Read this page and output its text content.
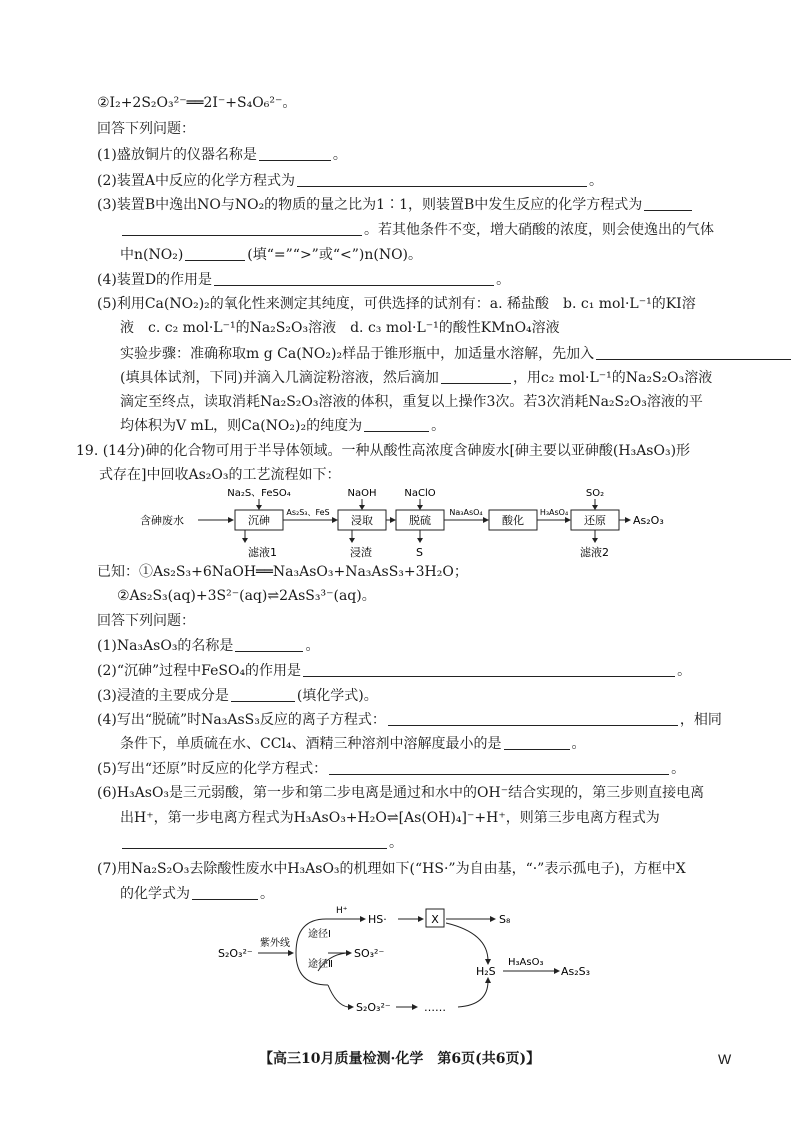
②I₂+2S₂O₃²⁻══2I⁻+S₄O₆²⁻。
回答下列问题：
(1)盛放铜片的仪器名称是	。
(2)装置A中反应的化学方程式为	。
(3)装置B中逸出NO与NO₂的物质的量之比为1∶1，则装置B中发生反应的化学方程式为
。若其他条件不变，增大硝酸的浓度，则会使逸出的气体
中n(NO₂)	(填“=”“>”或“<”)n(NO)。
(4)装置D的作用是	。
(5)利用Ca(NO₂)₂的氧化性来测定其纯度，可供选择的试剂有：a. 稀盐酸　b. c₁ mol·L⁻¹的KI溶
液　c. c₂ mol·L⁻¹的Na₂S₂O₃溶液　d. c₃ mol·L⁻¹的酸性KMnO₄溶液
实验步骤：准确称取m g Ca(NO₂)₂样品于锥形瓶中，加适量水溶解，先加入
(填具体试剂，下同)并滴入几滴淀粉溶液，然后滴加	，用c₂ mol·L⁻¹的Na₂S₂O₃溶液
滴定至终点，读取消耗Na₂S₂O₃溶液的体积，重复以上操作3次。若3次消耗Na₂S₂O₃溶液的平
均体积为V mL，则Ca(NO₂)₂的纯度为	。
19. (14分)砷的化合物可用于半导体领域。一种从酸性高浓度含砷废水[砷主要以亚砷酸(H₃AsO₃)形
式存在]中回收As₂O₃的工艺流程如下：
含砷废水	沉砷	浸取	脱硫	酸化	还原
As₂S₃、FeS	Na₃AsO₄	H₃AsO₄
As₂O₃
Na₂S、FeSO₄	NaOH	NaClO	SO₂
滤液1	浸渣	S	滤液2
已知：①As₂S₃+6NaOH══Na₃AsO₃+Na₃AsS₃+3H₂O；
②As₂S₃(aq)+3S²⁻(aq)⇌2AsS₃³⁻(aq)。
回答下列问题：
(1)Na₃AsO₃的名称是	。
(2)“沉砷”过程中FeSO₄的作用是	。
(3)浸渣的主要成分是	(填化学式)。
(4)写出“脱硫”时Na₃AsS₃反应的离子方程式：	，相同
条件下，单质硫在水、CCl₄、酒精三种溶剂中溶解度最小的是	。
(5)写出“还原”时反应的化学方程式：	。
(6)H₃AsO₃是三元弱酸，第一步和第二步电离是通过和水中的OH⁻结合实现的，第三步则直接电离
出H⁺，第一步电离方程式为H₃AsO₃+H₂O⇌[As(OH)₄]⁻+H⁺，则第三步电离方程式为
。
(7)用Na₂S₂O₃去除酸性废水中H₃AsO₃的机理如下(“HS·”为自由基，“·”表示孤电子)，方框中X
的化学式为	。
S₂O₃²⁻
紫外线
H⁺
途径Ⅰ
HS·	X	S₈
途径Ⅱ
SO₃²⁻
S₂O₃²⁻	……
H₂S
H₃AsO₃
As₂S₃
【高三10月质量检测·化学　第6页(共6页)】	W
